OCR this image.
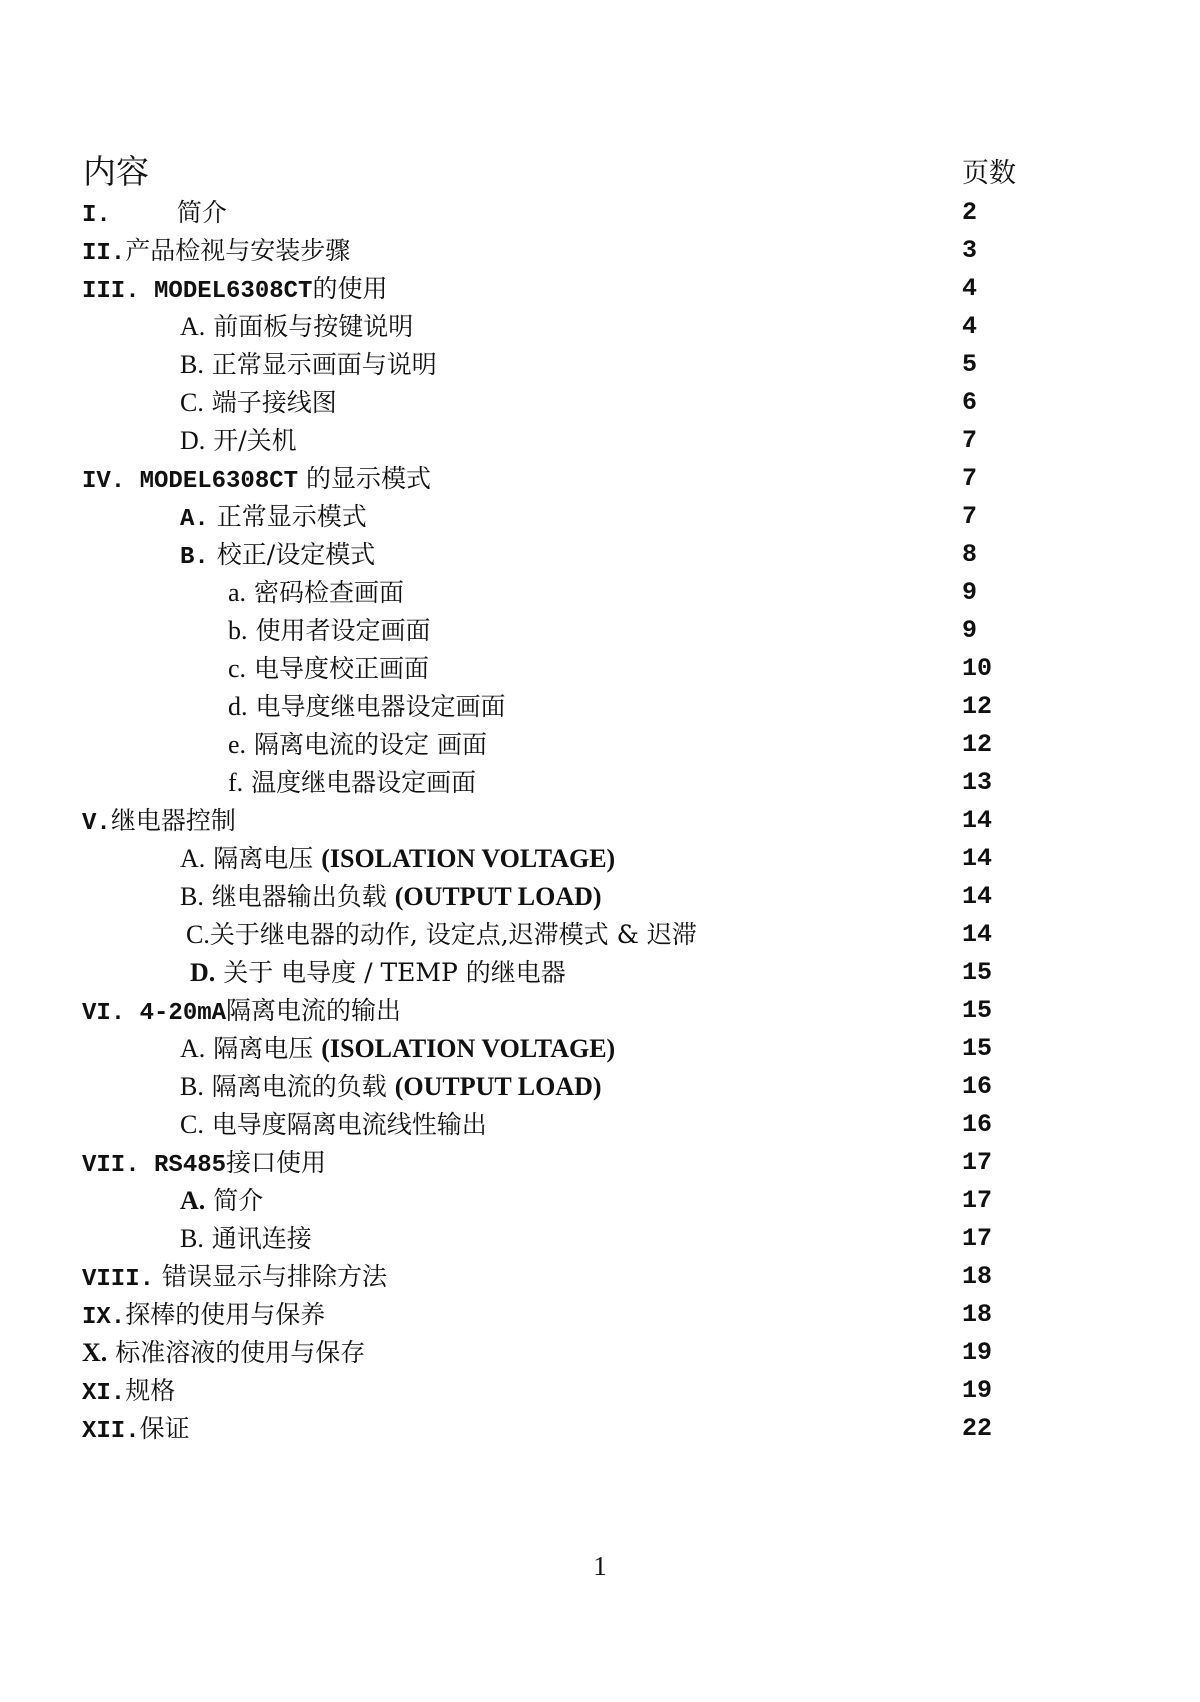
内容	页数
I.	简介	2
II.产品检视与安装步骤	3
III. MODEL6308CT的使用	4
A. 前面板与按键说明	4
B. 正常显示画面与说明	5
C. 端子接线图	6
D. 开/关机	7
IV. MODEL6308CT 的显示模式	7
A. 正常显示模式	7
B. 校正/设定模式	8
a. 密码检查画面	9
b. 使用者设定画面	9
c. 电导度校正画面	10
d. 电导度继电器设定画面	12
e. 隔离电流的设定 画面	12
f. 温度继电器设定画面	13
V.继电器控制	14
A. 隔离电压 (ISOLATION VOLTAGE)	14
B. 继电器输出负载 (OUTPUT LOAD)	14
C.关于继电器的动作, 设定点,迟滞模式 & 迟滞	14
D. 关于 电导度 / TEMP 的继电器	15
VI. 4-20mA隔离电流的输出	15
A. 隔离电压 (ISOLATION VOLTAGE)	15
B. 隔离电流的负载 (OUTPUT LOAD)	16
C. 电导度隔离电流线性输出	16
VII. RS485接口使用	17
A. 简介	17
B. 通讯连接	17
VIII. 错误显示与排除方法	18
IX.探棒的使用与保养	18
X. 标准溶液的使用与保存	19
XI.规格	19
XII.保证	22
1
